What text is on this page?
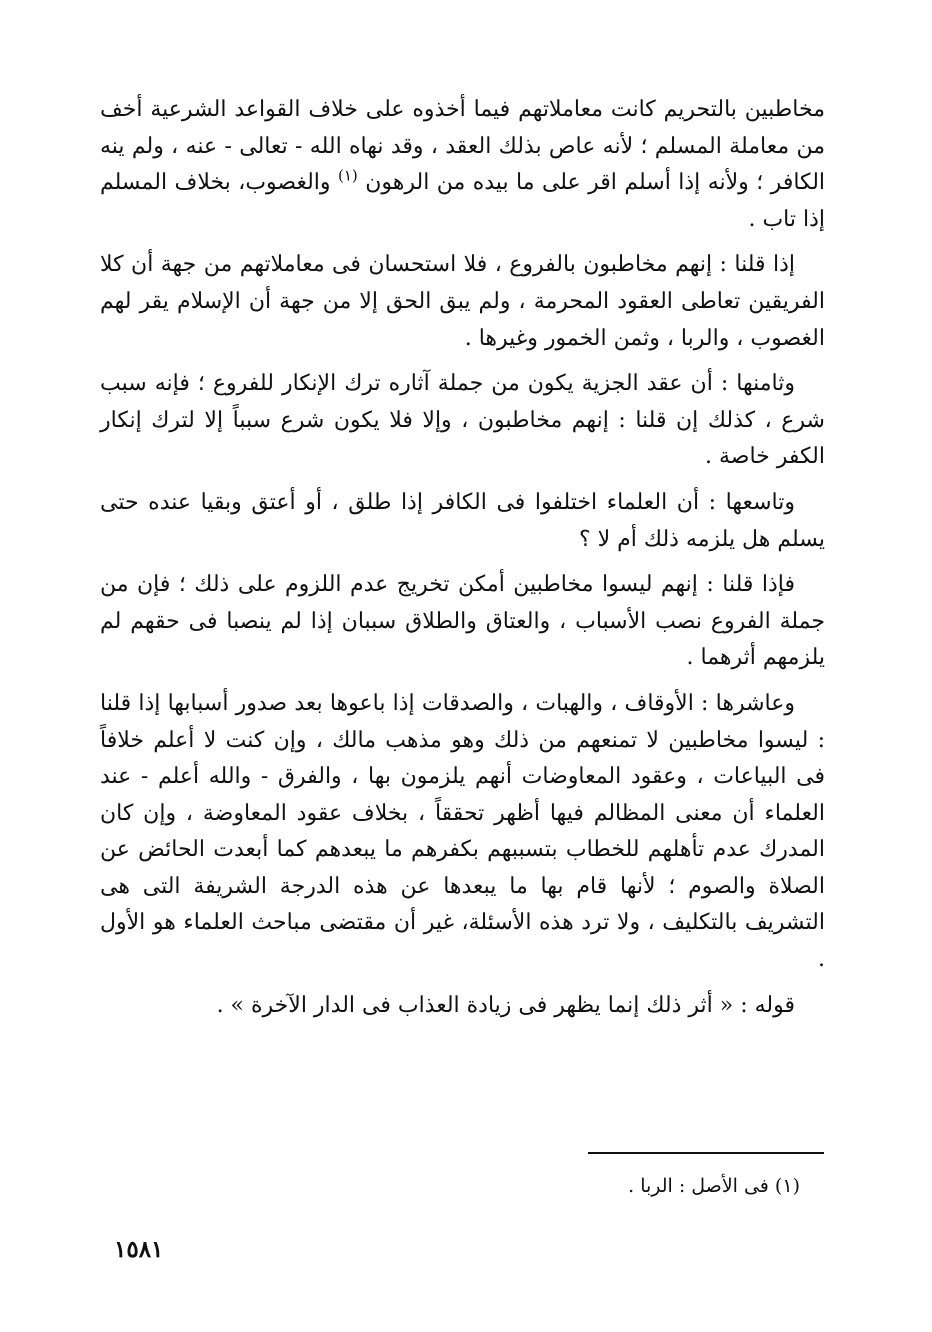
مخاطبين بالتحريم كانت معاملاتهم فيما أخذوه على خلاف القواعد الشرعية أخف من معاملة المسلم ؛ لأنه عاص بذلك العقد ، وقد نهاه الله - تعالى - عنه ، ولم ينه الكافر ؛ ولأنه إذا أسلم اقر على ما بيده من الرهون $^{(١)}$ والغصوب، بخلاف المسلم إذا تاب .

إذا قلنا : إنهم مخاطبون بالفروع ، فلا استحسان فى معاملاتهم من جهة أن كلا الفريقين تعاطى العقود المحرمة ، ولم يبق الحق إلا من جهة أن الإسلام يقر لهم الغصوب ، والربا ، وثمن الخمور وغيرها .

وثامنها : أن عقد الجزية يكون من جملة آثاره ترك الإنكار للفروع ؛ فإنه سبب شرع ، كذلك إن قلنا : إنهم مخاطبون ، وإلا فلا يكون شرع سبباً إلا لترك إنكار الكفر خاصة .

وتاسعها : أن العلماء اختلفوا فى الكافر إذا طلق ، أو أعتق وبقيا عنده حتى يسلم هل يلزمه ذلك أم لا ؟

فإذا قلنا : إنهم ليسوا مخاطبين أمكن تخريج عدم اللزوم على ذلك ؛ فإن من جملة الفروع نصب الأسباب ، والعتاق والطلاق سببان إذا لم ينصبا فى حقهم لم يلزمهم أثرهما .

وعاشرها : الأوقاف ، والهبات ، والصدقات إذا باعوها بعد صدور أسبابها إذا قلنا : ليسوا مخاطبين لا تمنعهم من ذلك وهو مذهب مالك ، وإن كنت لا أعلم خلافاً فى البياعات ، وعقود المعاوضات أنهم يلزمون بها ، والفرق - والله أعلم - عند العلماء أن معنى المظالم فيها أظهر تحققاً ، بخلاف عقود المعاوضة ، وإن كان المدرك عدم تأهلهم للخطاب بتسببهم بكفرهم ما يبعدهم كما أبعدت الحائض عن الصلاة والصوم ؛ لأنها قام بها ما يبعدها عن هذه الدرجة الشريفة التى هى التشريف بالتكليف ، ولا ترد هذه الأسئلة، غير أن مقتضى مباحث العلماء هو الأول .

قوله : « أثر ذلك إنما يظهر فى زيادة العذاب فى الدار الآخرة » .

(١) فى الأصل : الربا .
١٥٨١
